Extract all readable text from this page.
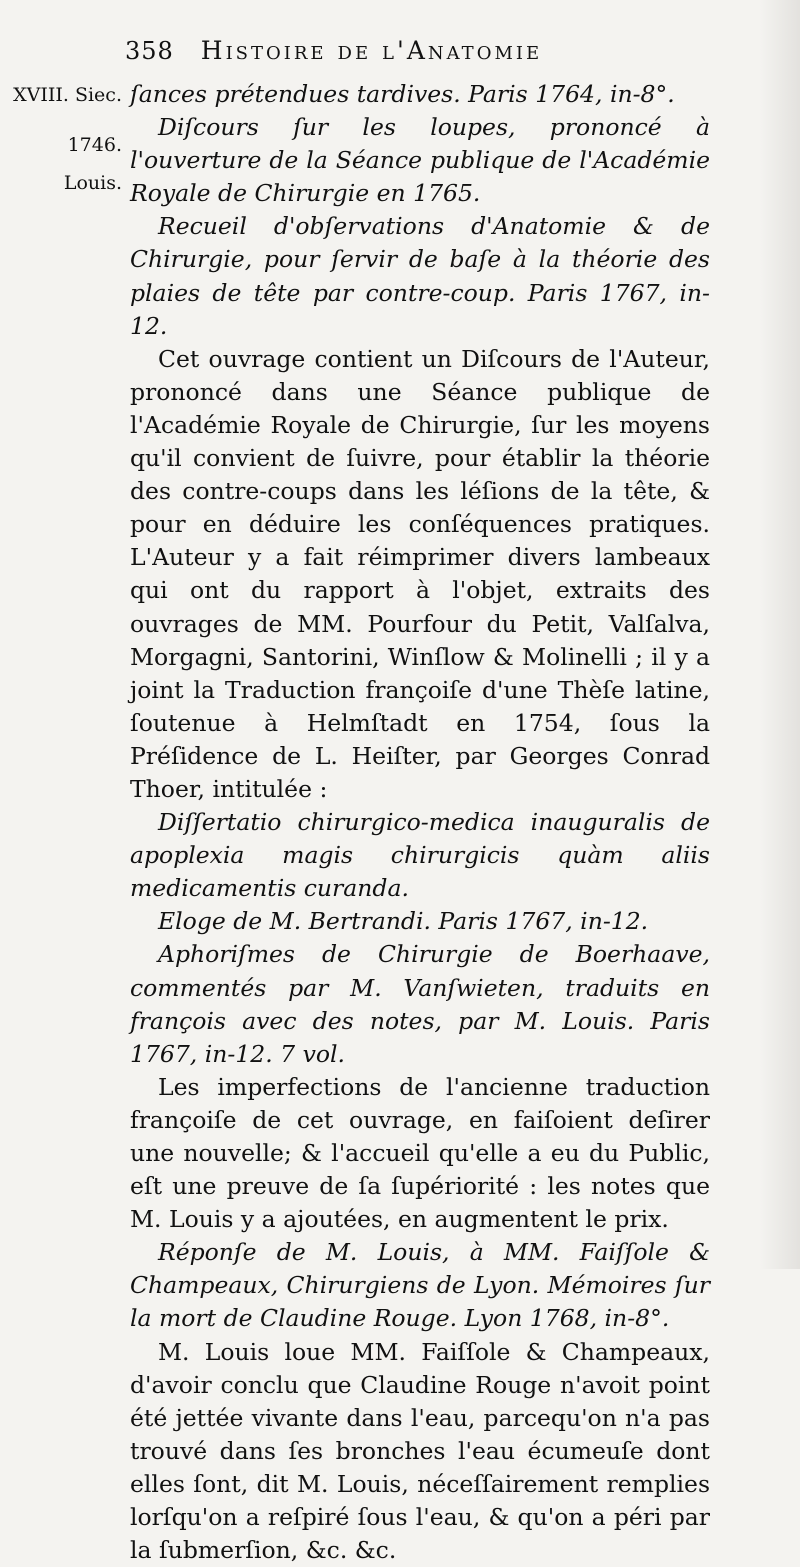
358 Histoire de l'Anatomie
XVIII. Siec.
1746.
Louis.

ſances prétendues tardives. Paris 1764, in-8°.

Diſcours ſur les loupes, prononcé à l'ouverture de la Séance publique de l'Académie Royale de Chirurgie en 1765.

Recueil d'obſervations d'Anatomie & de Chirurgie, pour ſervir de baſe à la théorie des plaies de tête par contre-coup. Paris 1767, in-12.

Cet ouvrage contient un Diſcours de l'Auteur, prononcé dans une Séance publique de l'Académie Royale de Chirurgie, ſur les moyens qu'il convient de ſuivre, pour établir la théorie des contre-coups dans les léſions de la tête, & pour en déduire les conſéquences pratiques. L'Auteur y a fait réimprimer divers lambeaux qui ont du rapport à l'objet, extraits des ouvrages de MM. Pourfour du Petit, Valſalva, Morgagni, Santorini, Winſlow & Molinelli ; il y a joint la Traduction françoiſe d'une Thèſe latine, ſoutenue à Helmſtadt en 1754, ſous la Préſidence de L. Heiſter, par Georges Conrad Thoer, intitulée :

Diſſertatio chirurgico-medica inauguralis de apoplexia magis chirurgicis quàm aliis medicamentis curanda.

Eloge de M. Bertrandi. Paris 1767, in-12.

Aphoriſmes de Chirurgie de Boerhaave, commentés par M. Vanſwieten, traduits en françois avec des notes, par M. Louis. Paris 1767, in-12. 7 vol.

Les imperfections de l'ancienne traduction françoiſe de cet ouvrage, en faiſoient deſirer une nouvelle; & l'accueil qu'elle a eu du Public, eſt une preuve de ſa ſupériorité : les notes que M. Louis y a ajoutées, en augmentent le prix.

Réponſe de M. Louis, à MM. Faiſſole & Champeaux, Chirurgiens de Lyon. Mémoires ſur la mort de Claudine Rouge. Lyon 1768, in-8°.

M. Louis loue MM. Faiſſole & Champeaux, d'avoir conclu que Claudine Rouge n'avoit point été jettée vivante dans l'eau, parcequ'on n'a pas trouvé dans ſes bronches l'eau écumeuſe dont elles ſont, dit M. Louis, néceſſairement remplies lorſqu'on a reſpiré ſous l'eau, & qu'on a péri par la ſubmerſion, &c. &c.
